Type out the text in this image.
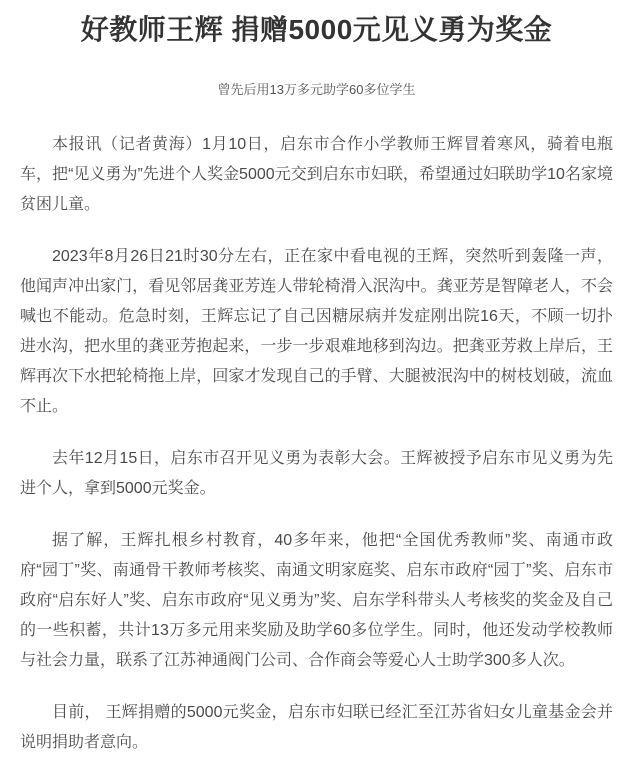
好教师王辉 捐赠5000元见义勇为奖金
曾先后用13万多元助学60多位学生

本报讯（记者黄海）1月10日，启东市合作小学教师王辉冒着寒风，骑着电瓶车，把“见义勇为”先进个人奖金5000元交到启东市妇联，希望通过妇联助学10名家境贫困儿童。

2023年8月26日21时30分左右，正在家中看电视的王辉，突然听到轰隆一声，他闻声冲出家门，看见邻居龚亚芳连人带轮椅滑入泯沟中。龚亚芳是智障老人，不会喊也不能动。危急时刻，王辉忘记了自己因糖尿病并发症刚出院16天，不顾一切扑进水沟，把水里的龚亚芳抱起来，一步一步艰难地移到沟边。把龚亚芳救上岸后，王辉再次下水把轮椅拖上岸，回家才发现自己的手臂、大腿被泯沟中的树枝划破，流血不止。

去年12月15日，启东市召开见义勇为表彰大会。王辉被授予启东市见义勇为先进个人，拿到5000元奖金。

据了解，王辉扎根乡村教育，40多年来，他把“全国优秀教师”奖、南通市政府“园丁”奖、南通骨干教师考核奖、南通文明家庭奖、启东市政府“园丁”奖、启东市政府“启东好人”奖、启东市政府“见义勇为”奖、启东学科带头人考核奖的奖金及自己的一些积蓄，共计13万多元用来奖励及助学60多位学生。同时，他还发动学校教师与社会力量，联系了江苏神通阀门公司、合作商会等爱心人士助学300多人次。

目前， 王辉捐赠的5000元奖金，启东市妇联已经汇至江苏省妇女儿童基金会并说明捐助者意向。
